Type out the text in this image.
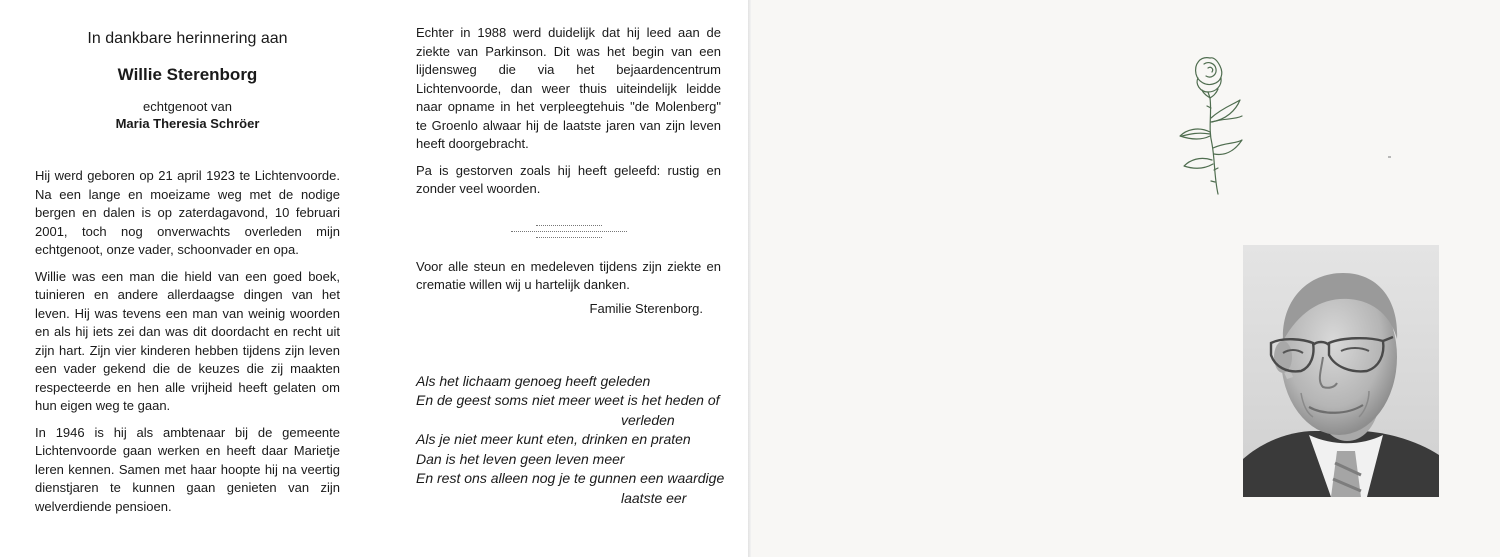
In dankbare herinnering aan
Willie Sterenborg
echtgenoot van
Maria Theresia Schröer

Hij werd geboren op 21 april 1923 te Lichtenvoorde. Na een lange en moeizame weg met de nodige bergen en dalen is op zaterdagavond, 10 februari 2001, toch nog onverwachts overleden mijn echtgenoot, onze vader, schoonvader en opa.

Willie was een man die hield van een goed boek, tuinieren en andere allerdaagse dingen van het leven. Hij was tevens een man van weinig woorden en als hij iets zei dan was dit doordacht en recht uit zijn hart. Zijn vier kinderen hebben tijdens zijn leven een vader gekend die de keuzes die zij maakten respecteerde en hen alle vrijheid heeft gelaten om hun eigen weg te gaan.

In 1946 is hij als ambtenaar bij de gemeente Lichtenvoorde gaan werken en heeft daar Marietje leren kennen. Samen met haar hoopte hij na veertig dienstjaren te kunnen gaan genieten van zijn welverdiende pensioen.

Echter in 1988 werd duidelijk dat hij leed aan de ziekte van Parkinson. Dit was het begin van een lijdensweg die via het bejaardencentrum Lichtenvoorde, dan weer thuis uiteindelijk leidde naar opname in het verpleegtehuis "de Molenberg" te Groenlo alwaar hij de laatste jaren van zijn leven heeft doorgebracht.

Pa is gestorven zoals hij heeft geleefd: rustig en zonder veel woorden.

Voor alle steun en medeleven tijdens zijn ziekte en crematie willen wij u hartelijk danken.

Familie Sterenborg.
Als het lichaam genoeg heeft geleden
En de geest soms niet meer weet is het heden of
verleden
Als je niet meer kunt eten, drinken en praten
Dan is het leven geen leven meer
En rest ons alleen nog je te gunnen een waardige
laatste eer
